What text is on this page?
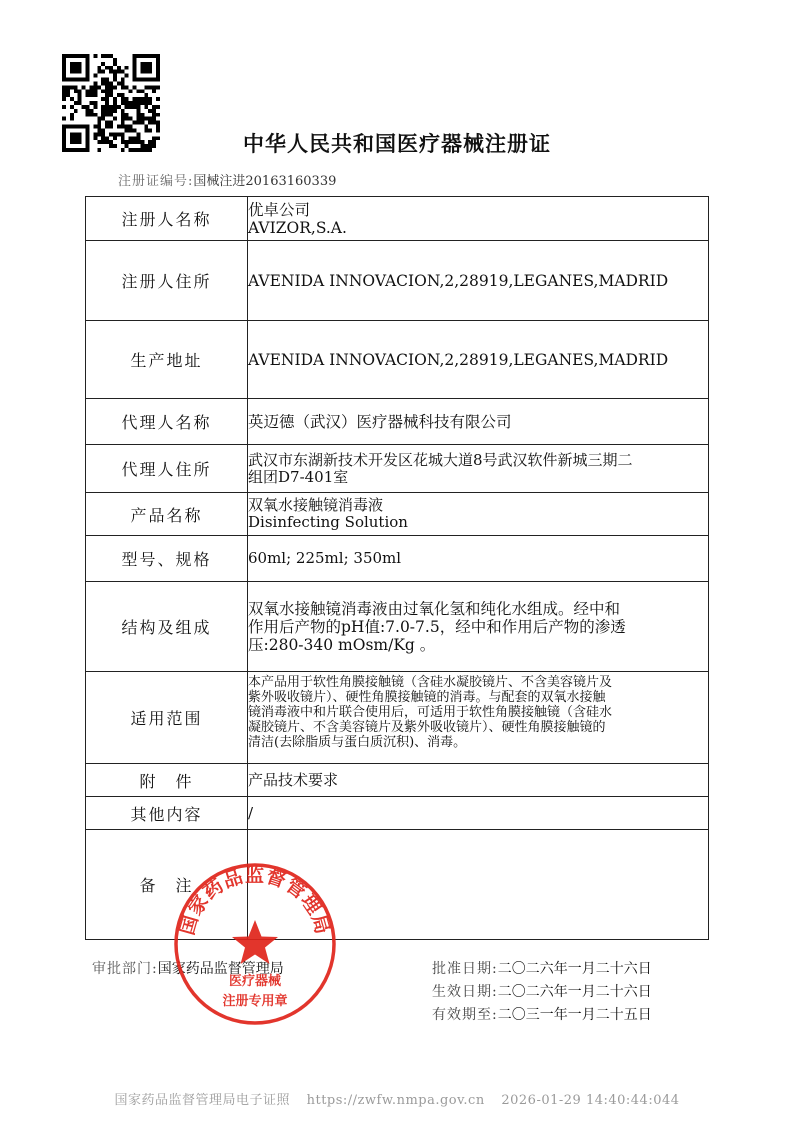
中华人民共和国医疗器械注册证
注册证编号:国械注进20163160339
注册人名称	优卓公司
AVIZOR,S.A.

注册人住所	AVENIDA INNOVACION,2,28919,LEGANES,MADRID
生产地址	AVENIDA INNOVACION,2,28919,LEGANES,MADRID
代理人名称	英迈德（武汉）医疗器械科技有限公司
代理人住所	武汉市东湖新技术开发区花城大道8号武汉软件新城三期二
组团D7-401室

产品名称	双氧水接触镜消毒液
Disinfecting Solution

型号、规格	60ml; 225ml; 350ml
结构及组成	双氧水接触镜消毒液由过氧化氢和纯化水组成。经中和
作用后产物的pH值:7.0-7.5，经中和作用后产物的渗透
压:280-340 mOsm/Kg 。

适用范围	本产品用于软性角膜接触镜（含硅水凝胶镜片、不含美容镜片及
紫外吸收镜片）、硬性角膜接触镜的消毒。与配套的双氧水接触
镜消毒液中和片联合使用后，可适用于软性角膜接触镜（含硅水
凝胶镜片、不含美容镜片及紫外吸收镜片）、硬性角膜接触镜的
清洁(去除脂质与蛋白质沉积)、消毒。

附　件	产品技术要求
其他内容	/
备　注	
审批部门:国家药品监督管理局	批准日期:二〇二六年一月二十六日
生效日期:二〇二六年一月二十六日
有效期至:二〇三一年一月二十五日
国家药品监督管理局
医疗器械
注册专用章
国家药品监督管理局电子证照 https://zwfw.nmpa.gov.cn 2026-01-29 14:40:44:044
